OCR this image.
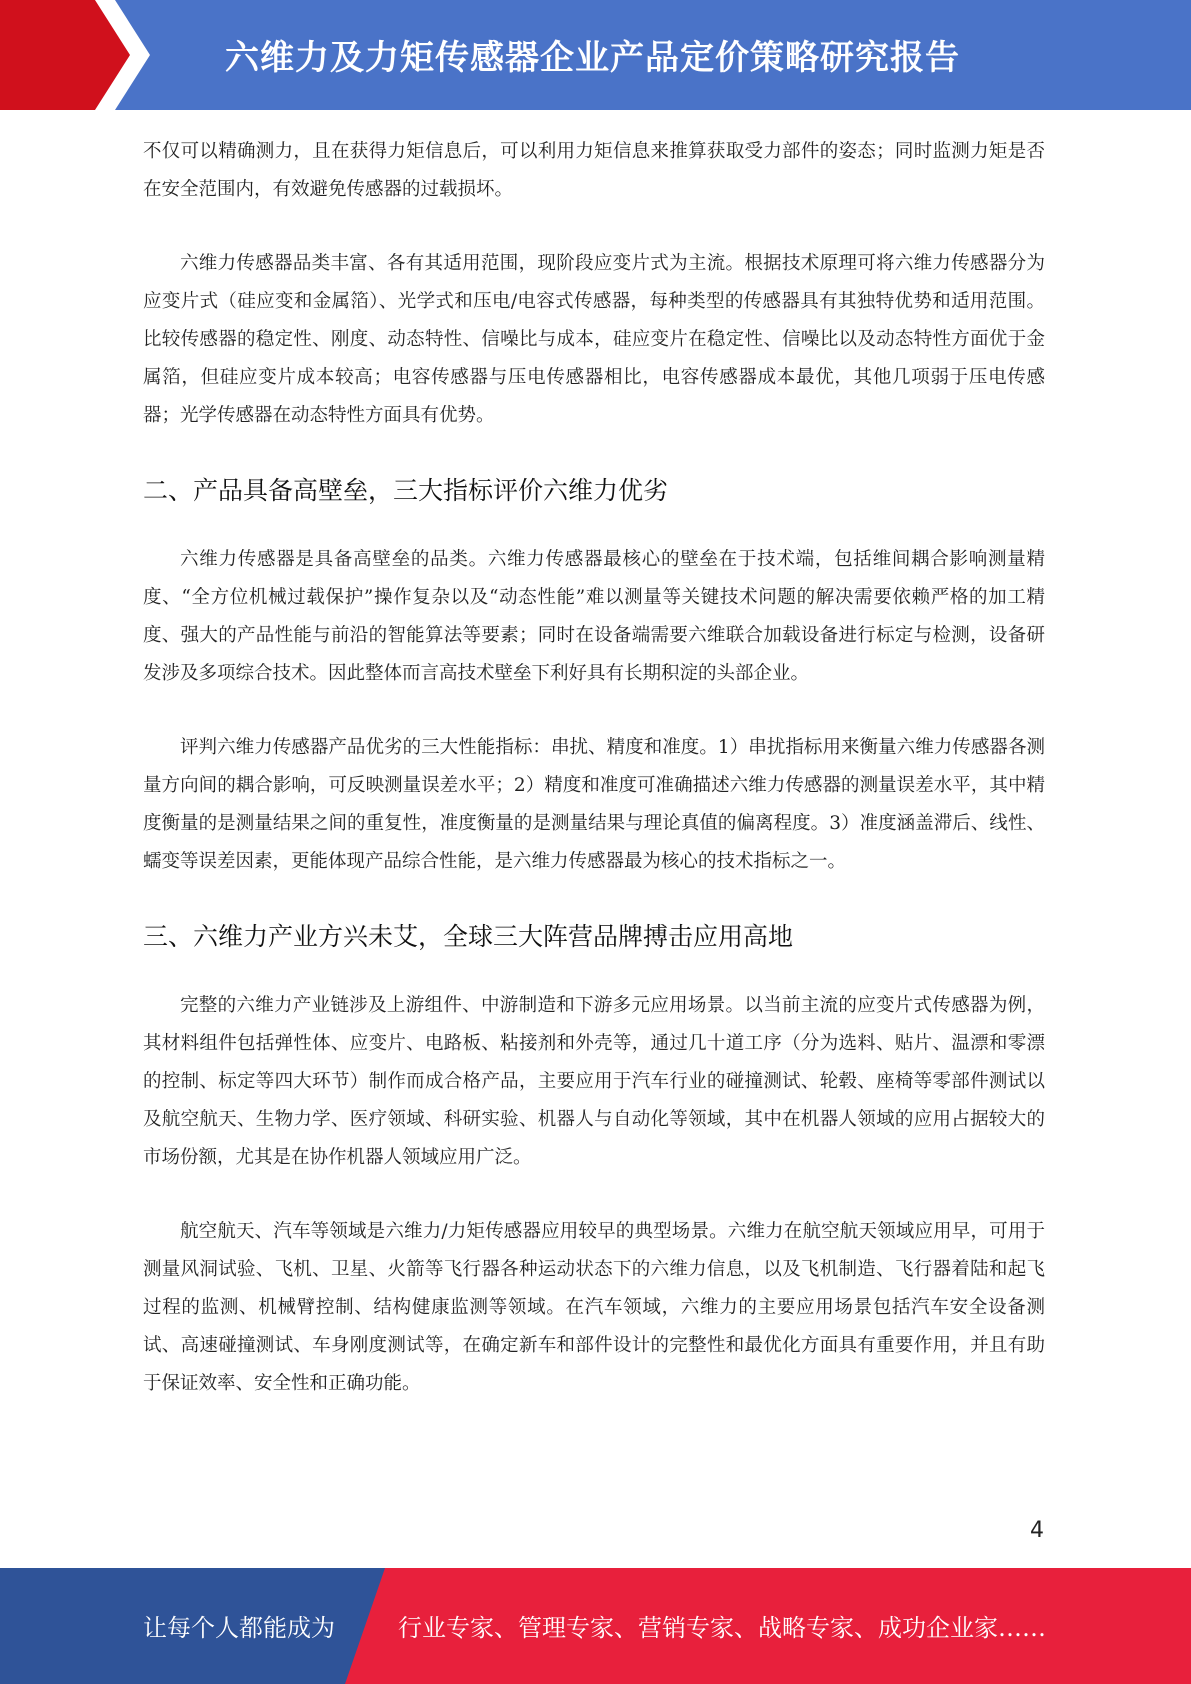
六维力及力矩传感器企业产品定价策略研究报告

不仅可以精确测力，且在获得力矩信息后，可以利用力矩信息来推算获取受力部件的姿态；同时监测力矩是否在安全范围内，有效避免传感器的过载损坏。

六维力传感器品类丰富、各有其适用范围，现阶段应变片式为主流。根据技术原理可将六维力传感器分为应变片式（硅应变和金属箔）、光学式和压电/电容式传感器，每种类型的传感器具有其独特优势和适用范围。比较传感器的稳定性、刚度、动态特性、信噪比与成本，硅应变片在稳定性、信噪比以及动态特性方面优于金属箔，但硅应变片成本较高；电容传感器与压电传感器相比，电容传感器成本最优，其他几项弱于压电传感器；光学传感器在动态特性方面具有优势。

二、产品具备高壁垒，三大指标评价六维力优劣

六维力传感器是具备高壁垒的品类。六维力传感器最核心的壁垒在于技术端，包括维间耦合影响测量精度、“全方位机械过载保护”操作复杂以及“动态性能”难以测量等关键技术问题的解决需要依赖严格的加工精度、强大的产品性能与前沿的智能算法等要素；同时在设备端需要六维联合加载设备进行标定与检测，设备研发涉及多项综合技术。因此整体而言高技术壁垒下利好具有长期积淀的头部企业。

评判六维力传感器产品优劣的三大性能指标：串扰、精度和准度。1）串扰指标用来衡量六维力传感器各测量方向间的耦合影响，可反映测量误差水平；2）精度和准度可准确描述六维力传感器的测量误差水平，其中精度衡量的是测量结果之间的重复性，准度衡量的是测量结果与理论真值的偏离程度。3）准度涵盖滞后、线性、蠕变等误差因素，更能体现产品综合性能，是六维力传感器最为核心的技术指标之一。

三、六维力产业方兴未艾，全球三大阵营品牌搏击应用高地

完整的六维力产业链涉及上游组件、中游制造和下游多元应用场景。以当前主流的应变片式传感器为例，其材料组件包括弹性体、应变片、电路板、粘接剂和外壳等，通过几十道工序（分为选料、贴片、温漂和零漂的控制、标定等四大环节）制作而成合格产品，主要应用于汽车行业的碰撞测试、轮毂、座椅等零部件测试以及航空航天、生物力学、医疗领域、科研实验、机器人与自动化等领域，其中在机器人领域的应用占据较大的市场份额，尤其是在协作机器人领域应用广泛。

航空航天、汽车等领域是六维力/力矩传感器应用较早的典型场景。六维力在航空航天领域应用早，可用于测量风洞试验、飞机、卫星、火箭等飞行器各种运动状态下的六维力信息，以及飞机制造、飞行器着陆和起飞过程的监测、机械臂控制、结构健康监测等领域。在汽车领域，六维力的主要应用场景包括汽车安全设备测试、高速碰撞测试、车身刚度测试等，在确定新车和部件设计的完整性和最优化方面具有重要作用，并且有助于保证效率、安全性和正确功能。

4
让每个人都能成为	行业专家、管理专家、营销专家、战略专家、成功企业家……
